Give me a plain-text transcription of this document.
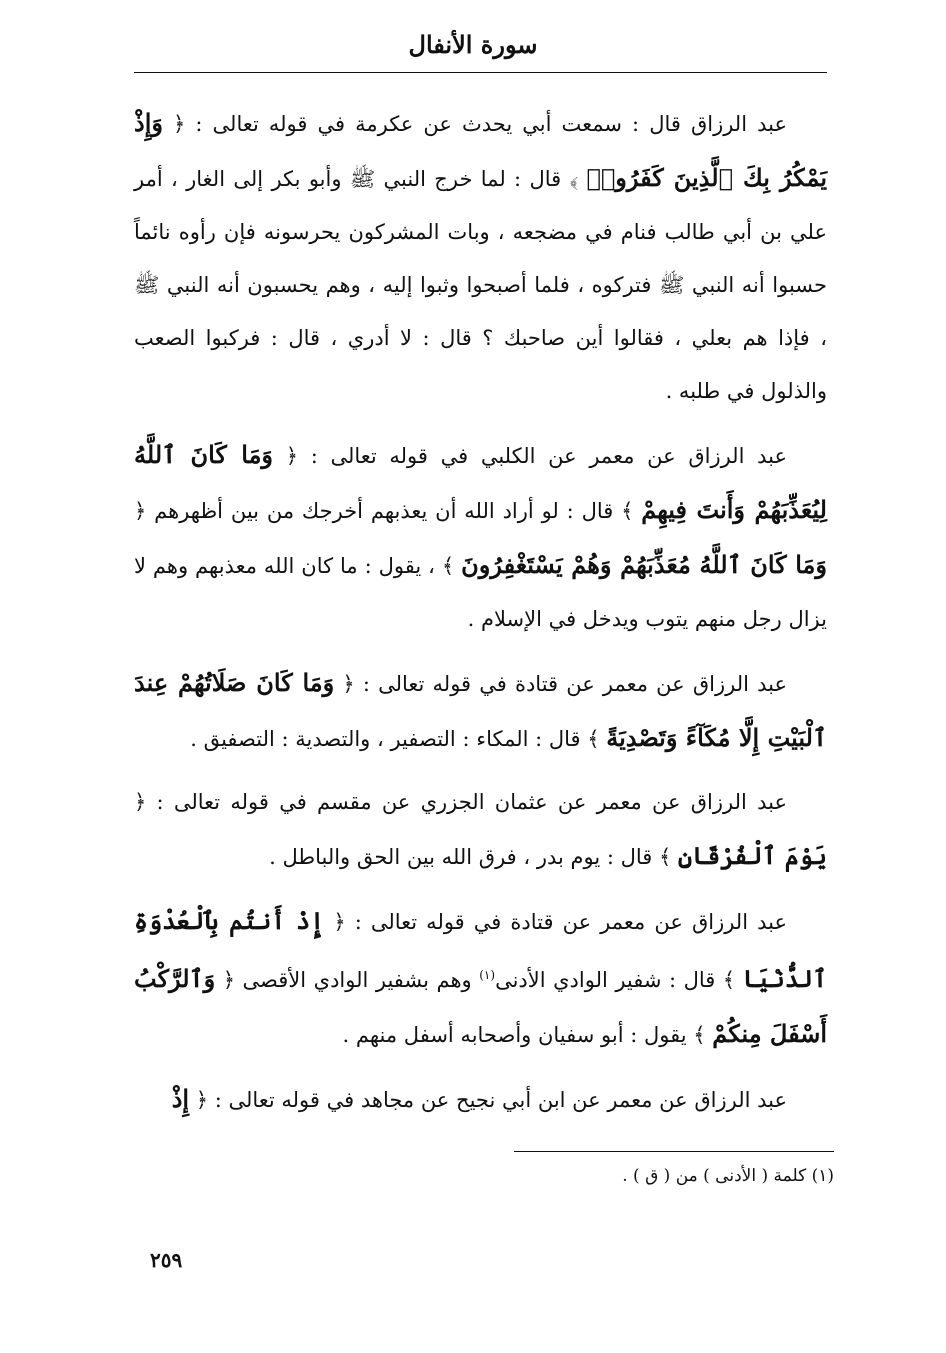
سورة الأنفال

عبد الرزاق قال : سمعت أبي يحدث عن عكرمة في قوله تعالى : ﴿ وَإِذْ يَمْكُرُ بِكَ ٱلَّذِينَ كَفَرُوا۟ ﴾ قال : لما خرج النبي ﷺ وأبو بكر إلى الغار ، أمر علي بن أبي طالب فنام في مضجعه ، وبات المشركون يحرسونه فإن رأوه نائماً حسبوا أنه النبي ﷺ فتركوه ، فلما أصبحوا وثبوا إليه ، وهم يحسبون أنه النبي ﷺ ، فإذا هم بعلي ، فقالوا أين صاحبك ؟ قال : لا أدري ، قال : فركبوا الصعب والذلول في طلبه .

عبد الرزاق عن معمر عن الكلبي في قوله تعالى : ﴿ وَمَا كَانَ ٱللَّهُ لِيُعَذِّبَهُمْ وَأَنتَ فِيهِمْ ﴾ قال : لو أراد الله أن يعذبهم أخرجك من بين أظهرهم ﴿ وَمَا كَانَ ٱللَّهُ مُعَذِّبَهُمْ وَهُمْ يَسْتَغْفِرُونَ ﴾ ، يقول : ما كان الله معذبهم وهم لا يزال رجل منهم يتوب ويدخل في الإسلام .

عبد الرزاق عن معمر عن قتادة في قوله تعالى : ﴿ وَمَا كَانَ صَلَاتُهُمْ عِندَ ٱلْبَيْتِ إِلَّا مُكَآءً وَتَصْدِيَةً ﴾ قال : المكاء : التصفير ، والتصدية : التصفيق .

عبد الرزاق عن معمر عن عثمان الجزري عن مقسم في قوله تعالى : ﴿ يَوْمَ ٱلْفُرْقَانِ ﴾ قال : يوم بدر ، فرق الله بين الحق والباطل .

عبد الرزاق عن معمر عن قتادة في قوله تعالى : ﴿ إِذْ أَنتُم بِٱلْعُدْوَةِ ٱلدُّنْيَا ﴾ قال : شفير الوادي الأدنى$^{(١)}$ وهم بشفير الوادي الأقصى ﴿ وَٱلرَّكْبُ أَسْفَلَ مِنكُمْ ﴾ يقول : أبو سفيان وأصحابه أسفل منهم .

عبد الرزاق عن معمر عن ابن أبي نجيح عن مجاهد في قوله تعالى : ﴿ إِذْ

(١) كلمة ( الأدنى ) من ( ق ) .
٢٥٩
